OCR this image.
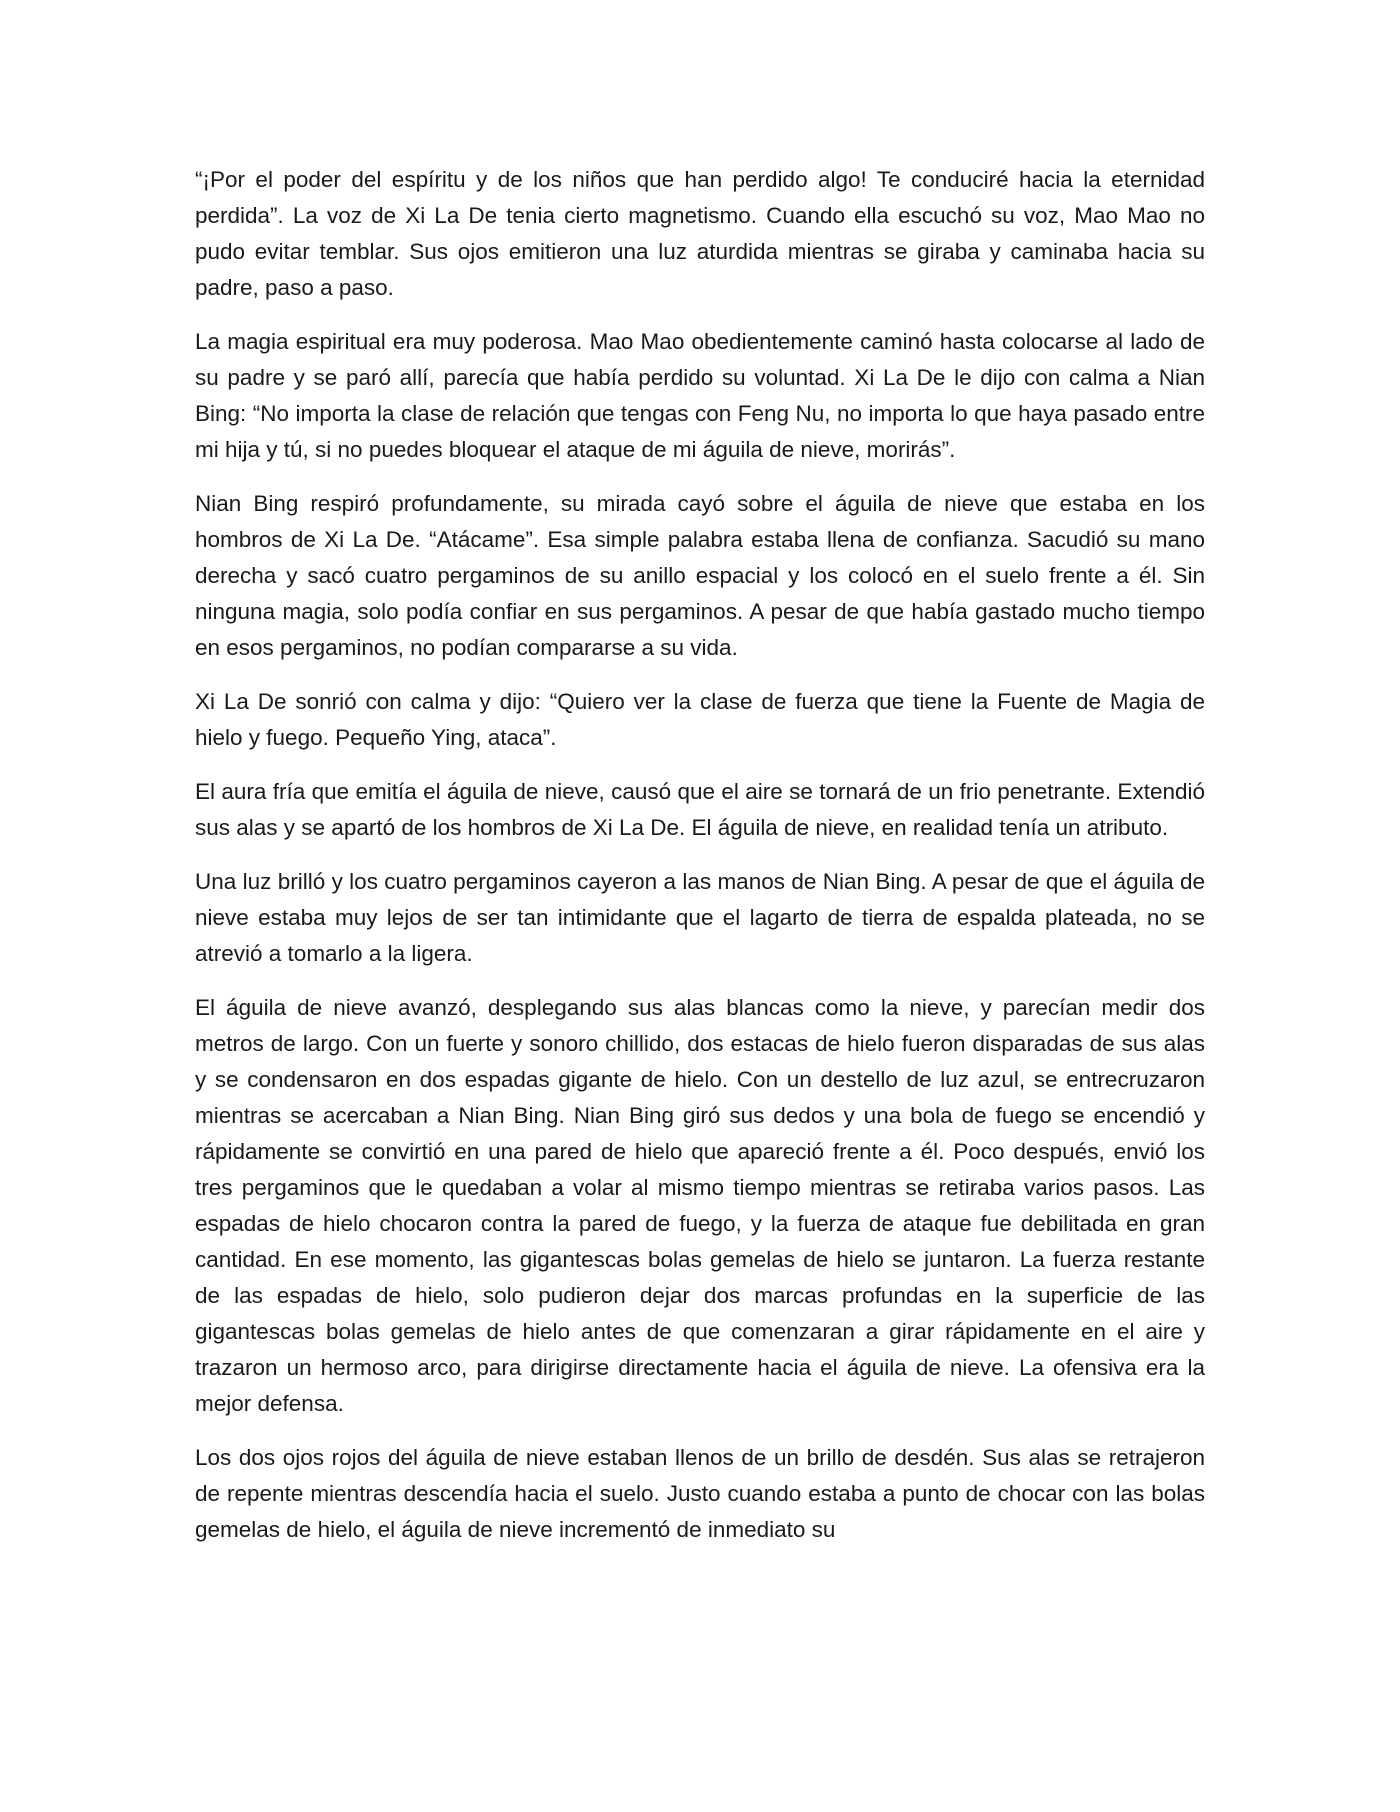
“¡Por el poder del espíritu y de los niños que han perdido algo! Te conduciré hacia la eternidad perdida”. La voz de Xi La De tenia cierto magnetismo. Cuando ella escuchó su voz, Mao Mao no pudo evitar temblar. Sus ojos emitieron una luz aturdida mientras se giraba y caminaba hacia su padre, paso a paso.

La magia espiritual era muy poderosa. Mao Mao obedientemente caminó hasta colocarse al lado de su padre y se paró allí, parecía que había perdido su voluntad. Xi La De le dijo con calma a Nian Bing: “No importa la clase de relación que tengas con Feng Nu, no importa lo que haya pasado entre mi hija y tú, si no puedes bloquear el ataque de mi águila de nieve, morirás”.

Nian Bing respiró profundamente, su mirada cayó sobre el águila de nieve que estaba en los hombros de Xi La De. “Atácame”. Esa simple palabra estaba llena de confianza. Sacudió su mano derecha y sacó cuatro pergaminos de su anillo espacial y los colocó en el suelo frente a él. Sin ninguna magia, solo podía confiar en sus pergaminos. A pesar de que había gastado mucho tiempo en esos pergaminos, no podían compararse a su vida.

Xi La De sonrió con calma y dijo: “Quiero ver la clase de fuerza que tiene la Fuente de Magia de hielo y fuego. Pequeño Ying, ataca”.

El aura fría que emitía el águila de nieve, causó que el aire se tornará de un frio penetrante. Extendió sus alas y se apartó de los hombros de Xi La De. El águila de nieve, en realidad tenía un atributo.

Una luz brilló y los cuatro pergaminos cayeron a las manos de Nian Bing. A pesar de que el águila de nieve estaba muy lejos de ser tan intimidante que el lagarto de tierra de espalda plateada, no se atrevió a tomarlo a la ligera.

El águila de nieve avanzó, desplegando sus alas blancas como la nieve, y parecían medir dos metros de largo. Con un fuerte y sonoro chillido, dos estacas de hielo fueron disparadas de sus alas y se condensaron en dos espadas gigante de hielo. Con un destello de luz azul, se entrecruzaron mientras se acercaban a Nian Bing. Nian Bing giró sus dedos y una bola de fuego se encendió y rápidamente se convirtió en una pared de hielo que apareció frente a él. Poco después, envió los tres pergaminos que le quedaban a volar al mismo tiempo mientras se retiraba varios pasos. Las espadas de hielo chocaron contra la pared de fuego, y la fuerza de ataque fue debilitada en gran cantidad. En ese momento, las gigantescas bolas gemelas de hielo se juntaron. La fuerza restante de las espadas de hielo, solo pudieron dejar dos marcas profundas en la superficie de las gigantescas bolas gemelas de hielo antes de que comenzaran a girar rápidamente en el aire y trazaron un hermoso arco, para dirigirse directamente hacia el águila de nieve. La ofensiva era la mejor defensa.

Los dos ojos rojos del águila de nieve estaban llenos de un brillo de desdén. Sus alas se retrajeron de repente mientras descendía hacia el suelo. Justo cuando estaba a punto de chocar con las bolas gemelas de hielo, el águila de nieve incrementó de inmediato su
